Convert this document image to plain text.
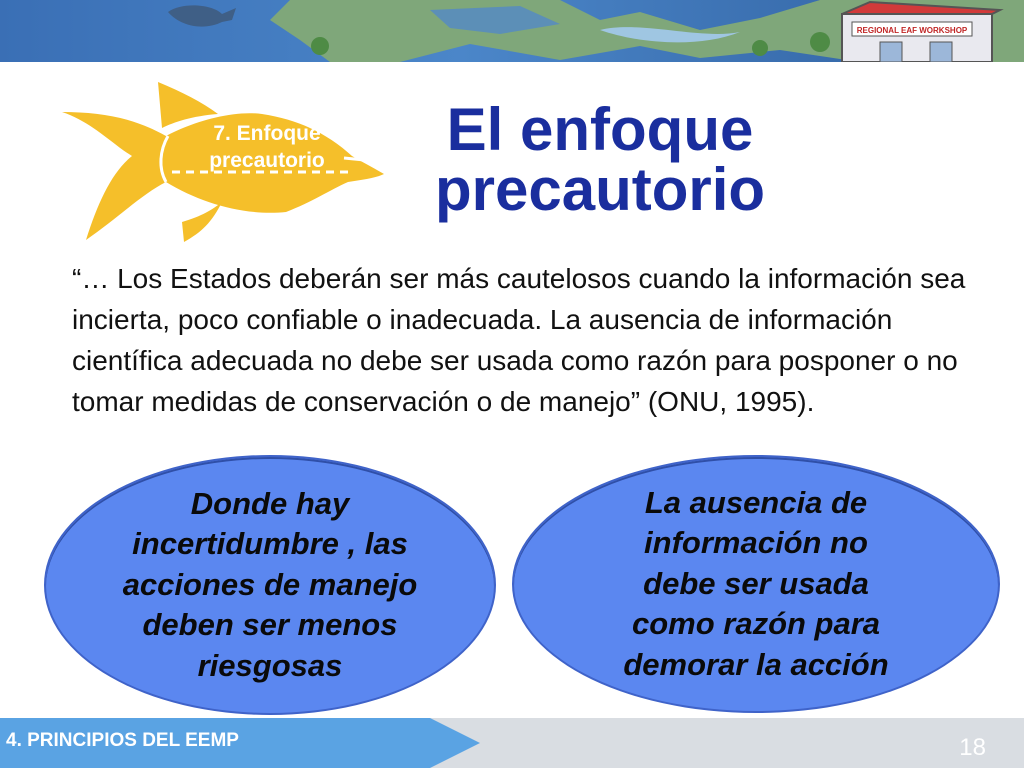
REGIONAL EAF WORKSHOP
7. Enfoque precautorio	El enfoque precautorio
“… Los Estados deberán ser más cautelosos cuando la información sea incierta, poco confiable o inadecuada. La ausencia de información científica adecuada no debe ser usada como razón para posponer o no tomar medidas de conservación o de manejo” (ONU, 1995).
Donde hay incertidumbre , las acciones de manejo deben ser menos riesgosas
La ausencia de información no debe ser usada como razón para demorar la acción
4. PRINCIPIOS DEL EEMP	18
